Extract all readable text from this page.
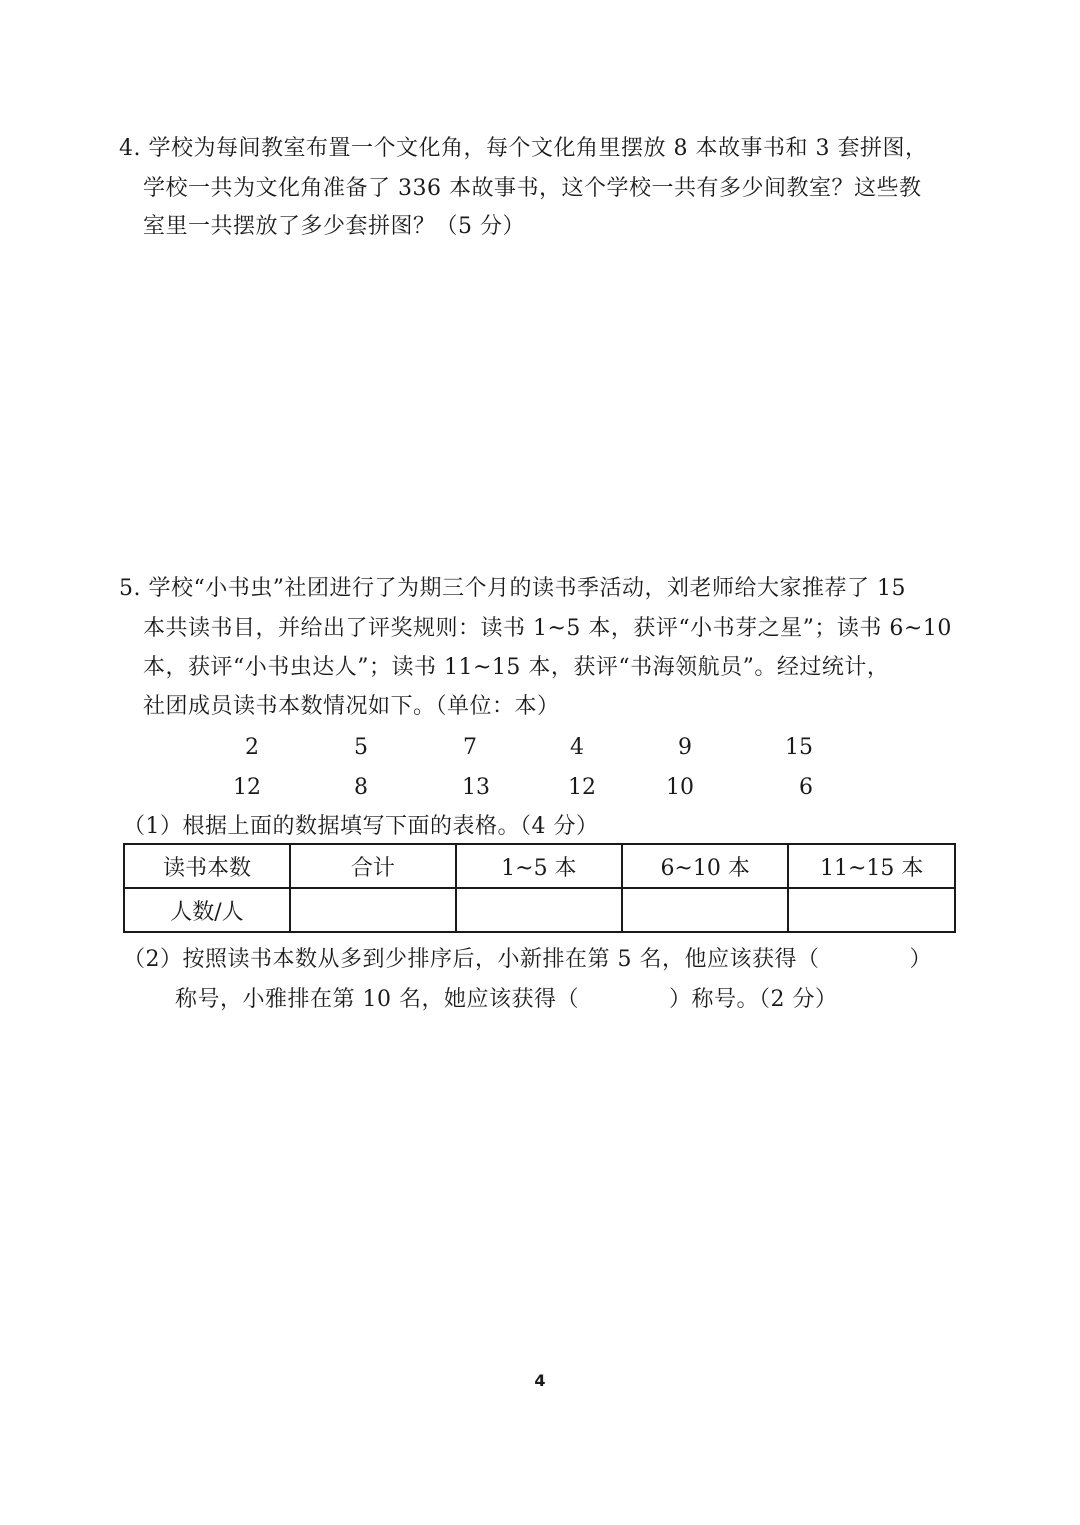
4. 学校为每间教室布置一个文化角，每个文化角里摆放 8 本故事书和 3 套拼图，
学校一共为文化角准备了 336 本故事书，这个学校一共有多少间教室？这些教
室里一共摆放了多少套拼图？（5 分）
5. 学校“小书虫”社团进行了为期三个月的读书季活动，刘老师给大家推荐了 15
本共读书目，并给出了评奖规则：读书 1~5 本，获评“小书芽之星”；读书 6~10
本，获评“小书虫达人”；读书 11~15 本，获评“书海领航员”。经过统计，
社团成员读书本数情况如下。（单位：本）
2	5	7	4	9	15
12	8	13	12	10	6
（1）根据上面的数据填写下面的表格。（4 分）
读书本数	合计	1~5 本	6~10 本	11~15 本
人数/人				
（2）按照读书本数从多到少排序后，小新排在第 5 名，他应该获得（　　　　）
称号，小雅排在第 10 名，她应该获得（　　　　）称号。（2 分）
4
